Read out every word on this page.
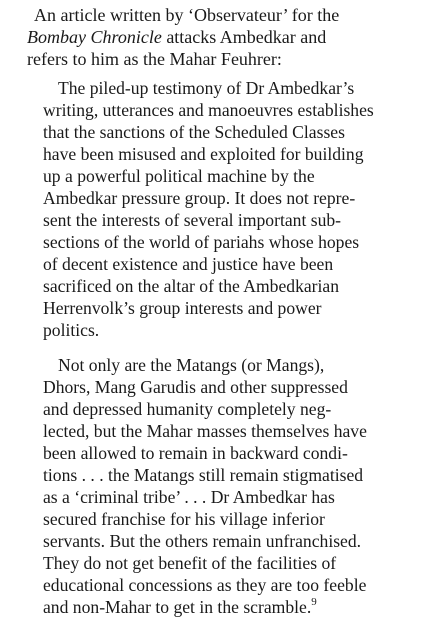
An article written by ‘Observateur’ for the
Bombay Chronicle attacks Ambedkar and
refers to him as the Mahar Feuhrer:
The piled-up testimony of Dr Ambedkar’s
writing, utterances and manoeuvres establishes
that the sanctions of the Scheduled Classes
have been misused and exploited for building
up a powerful political machine by the
Ambedkar pressure group. It does not repre-
sent the interests of several important sub-
sections of the world of pariahs whose hopes
of decent existence and justice have been
sacrificed on the altar of the Ambedkarian
Herrenvolk’s group interests and power
politics.
Not only are the Matangs (or Mangs),
Dhors, Mang Garudis and other suppressed
and depressed humanity completely neg-
lected, but the Mahar masses themselves have
been allowed to remain in backward condi-
tions . . . the Matangs still remain stigmatised
as a ‘criminal tribe’ . . . Dr Ambedkar has
secured franchise for his village inferior
servants. But the others remain unfranchised.
They do not get benefit of the facilities of
educational concessions as they are too feeble
and non-Mahar to get in the scramble.$^9$
